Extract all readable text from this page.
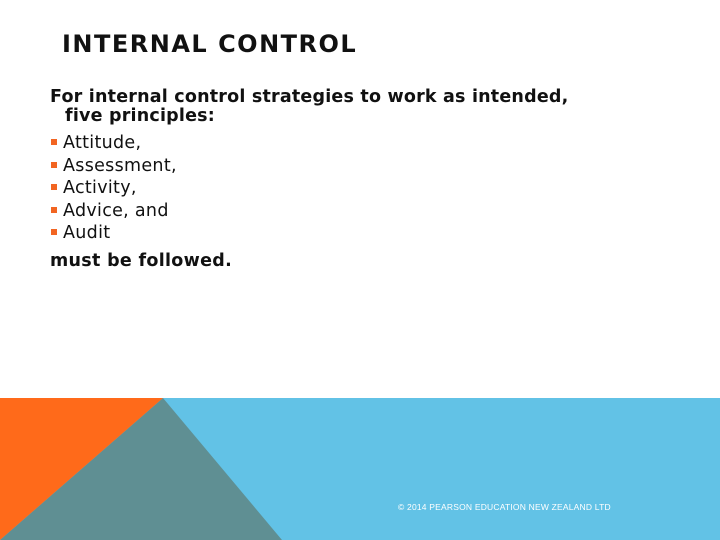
INTERNAL CONTROL

For internal control strategies to work as intended,
five principles:

Attitude,
Assessment,
Activity,
Advice, and
Audit

must be followed.

© 2014 PEARSON EDUCATION NEW ZEALAND LTD
